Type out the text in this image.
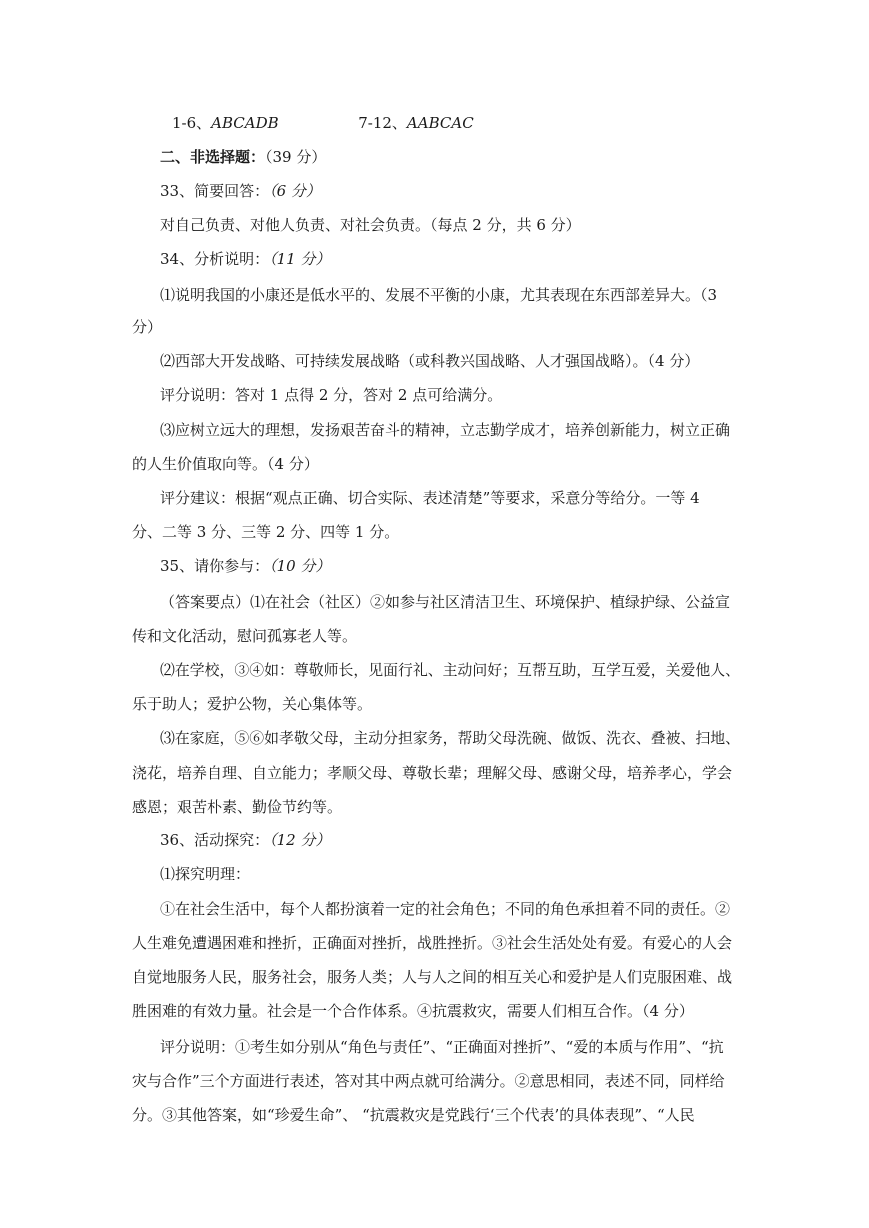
1-6、ABCADB	7-12、AABCAC
二、非选择题：（39 分）
33、简要回答：（6 分）
对自己负责、对他人负责、对社会负责。（每点 2 分，共 6 分）
34、分析说明：（11 分）
⑴说明我国的小康还是低水平的、发展不平衡的小康，尤其表现在东西部差异大。（3
分）
⑵西部大开发战略、可持续发展战略（或科教兴国战略、人才强国战略）。（4 分）
评分说明：答对 1 点得 2 分，答对 2 点可给满分。
⑶应树立远大的理想，发扬艰苦奋斗的精神，立志勤学成才，培养创新能力，树立正确
的人生价值取向等。（4 分）
评分建议：根据“观点正确、切合实际、表述清楚”等要求，采意分等给分。一等 4
分、二等 3 分、三等 2 分、四等 1 分。
35、请你参与：（10 分）
（答案要点）⑴在社会（社区）②如参与社区清洁卫生、环境保护、植绿护绿、公益宣
传和文化活动，慰问孤寡老人等。
⑵在学校，③④如：尊敬师长，见面行礼、主动问好；互帮互助，互学互爱，关爱他人、
乐于助人；爱护公物，关心集体等。
⑶在家庭，⑤⑥如孝敬父母，主动分担家务，帮助父母洗碗、做饭、洗衣、叠被、扫地、
浇花，培养自理、自立能力；孝顺父母、尊敬长辈；理解父母、感谢父母，培养孝心，学会
感恩；艰苦朴素、勤俭节约等。
36、活动探究：（12 分）
⑴探究明理：
①在社会生活中，每个人都扮演着一定的社会角色；不同的角色承担着不同的责任。②
人生难免遭遇困难和挫折，正确面对挫折，战胜挫折。③社会生活处处有爱。有爱心的人会
自觉地服务人民，服务社会，服务人类；人与人之间的相互关心和爱护是人们克服困难、战
胜困难的有效力量。社会是一个合作体系。④抗震救灾，需要人们相互合作。（4 分）
评分说明：①考生如分别从“角色与责任”、“正确面对挫折”、“爱的本质与作用”、“抗
灾与合作”三个方面进行表述，答对其中两点就可给满分。②意思相同，表述不同，同样给
分。③其他答案，如“珍爱生命”、 “抗震救灾是党践行‘三个代表’的具体表现”、“人民
